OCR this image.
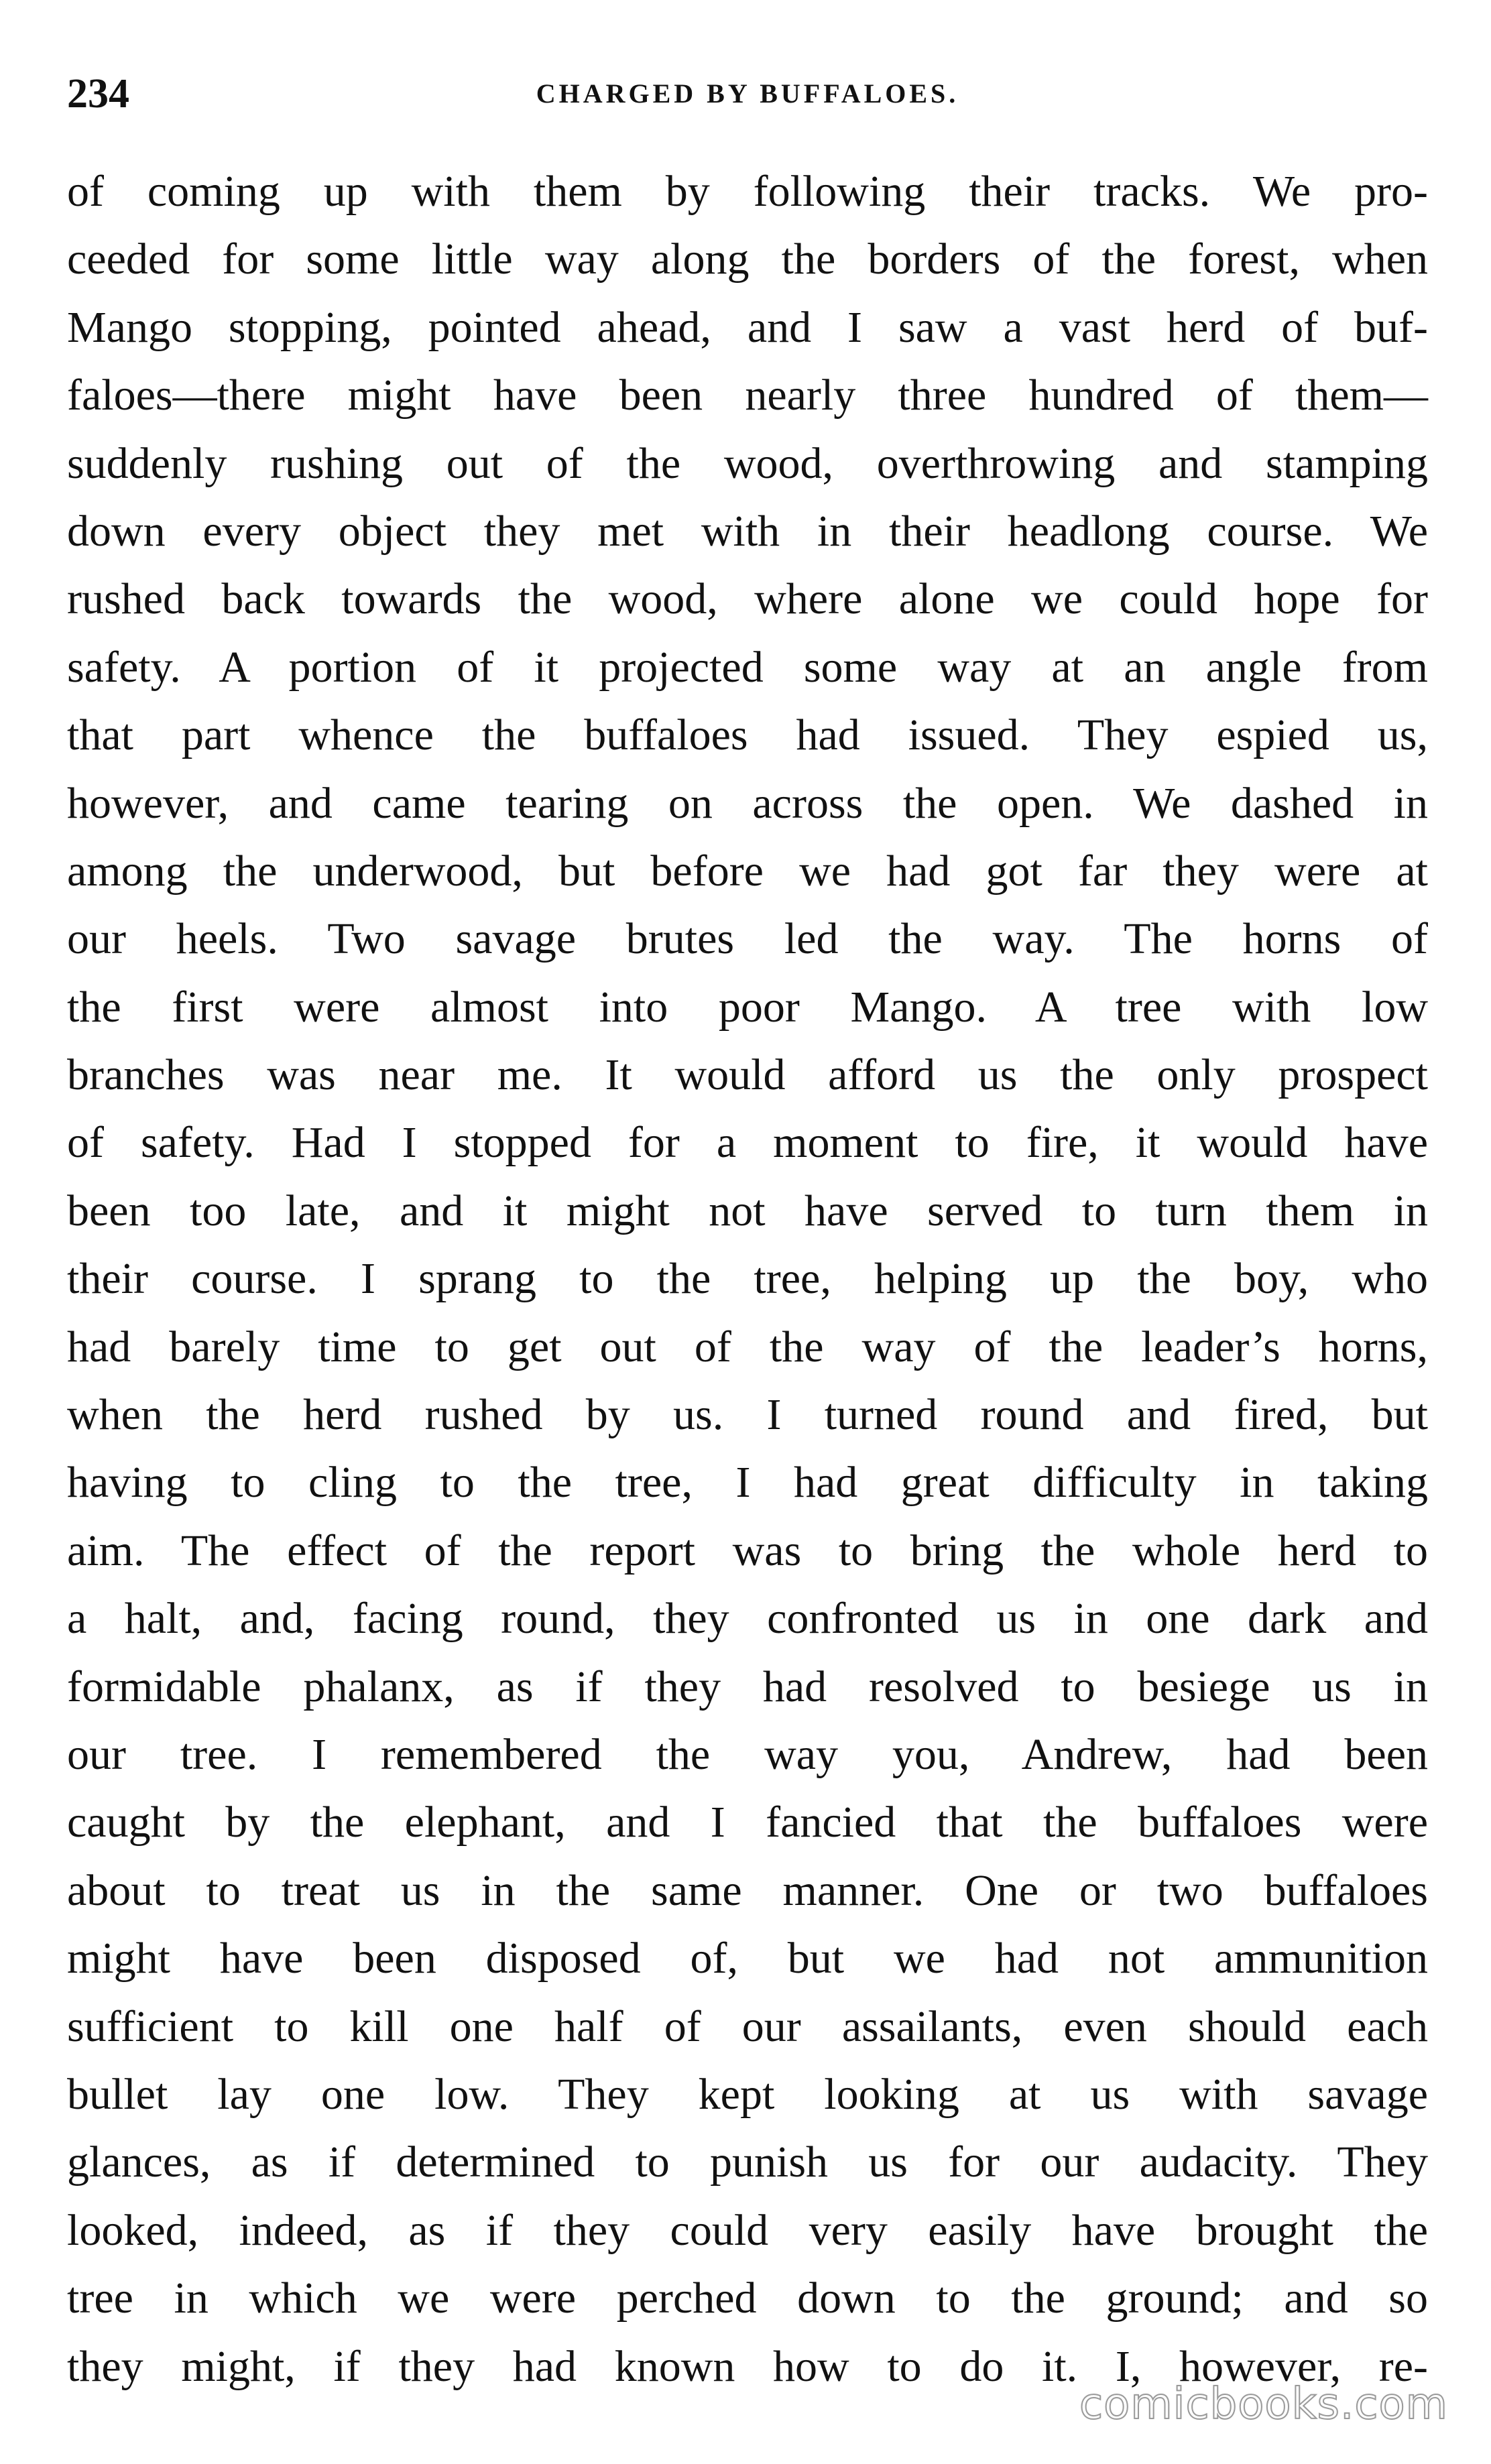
234	CHARGED BY BUFFALOES.
of coming up with them by following their tracks. We pro-
ceeded for some little way along the borders of the forest, when
Mango stopping, pointed ahead, and I saw a vast herd of buf-
faloes—there might have been nearly three hundred of them—
suddenly rushing out of the wood, overthrowing and stamping
down every object they met with in their headlong course. We
rushed back towards the wood, where alone we could hope for
safety. A portion of it projected some way at an angle from
that part whence the buffaloes had issued. They espied us,
however, and came tearing on across the open. We dashed in
among the underwood, but before we had got far they were at
our heels. Two savage brutes led the way. The horns of
the first were almost into poor Mango. A tree with low
branches was near me. It would afford us the only prospect
of safety. Had I stopped for a moment to fire, it would have
been too late, and it might not have served to turn them in
their course. I sprang to the tree, helping up the boy, who
had barely time to get out of the way of the leader’s horns,
when the herd rushed by us. I turned round and fired, but
having to cling to the tree, I had great difficulty in taking
aim. The effect of the report was to bring the whole herd to
a halt, and, facing round, they confronted us in one dark and
formidable phalanx, as if they had resolved to besiege us in
our tree. I remembered the way you, Andrew, had been
caught by the elephant, and I fancied that the buffaloes were
about to treat us in the same manner. One or two buffaloes
might have been disposed of, but we had not ammunition
sufficient to kill one half of our assailants, even should each
bullet lay one low. They kept looking at us with savage
glances, as if determined to punish us for our audacity. They
looked, indeed, as if they could very easily have brought the
tree in which we were perched down to the ground; and so
they might, if they had known how to do it. I, however, re-
comicbooks.com
